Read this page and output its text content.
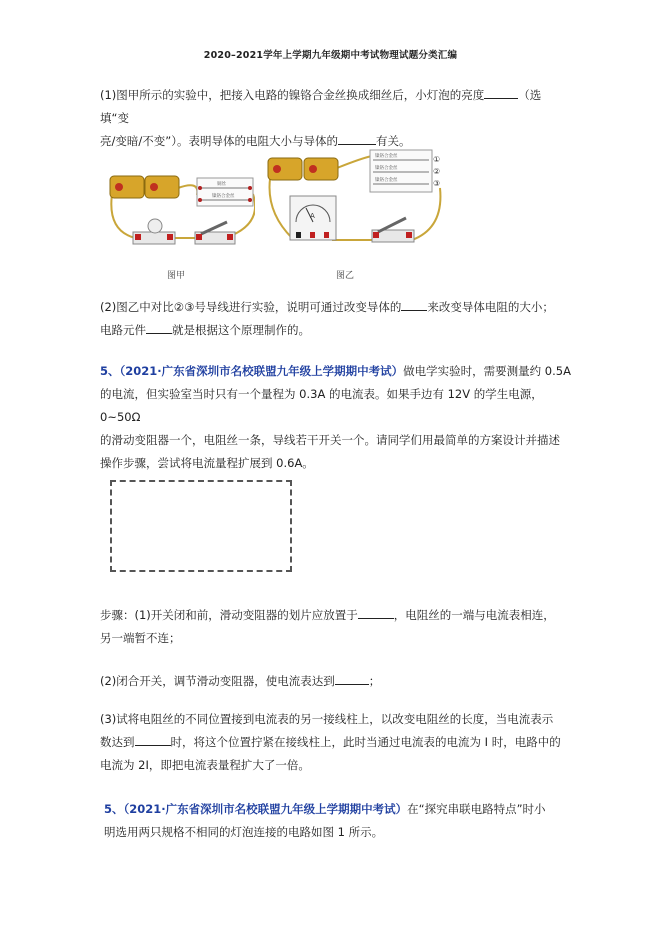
2020–2021学年上学期九年级期中考试物理试题分类汇编
(1)图甲所示的实验中，把接入电路的镍铬合金丝换成细丝后，小灯泡的亮度	（选填“变
亮/变暗/不变”）。表明导体的电阻大小与导体的	有关。
铜丝
镍铬合金丝
图甲
镍铬合金丝
镍铬合金丝
镍铬合金丝
①
②
③
A
图乙
(2)图乙中对比②③号导线进行实验，说明可通过改变导体的 来改变导体电阻的大小；
电路元件 就是根据这个原理制作的。
5、（2021·广东省深圳市名校联盟九年级上学期期中考试）做电学实验时，需要测量约 0.5A
的电流，但实验室当时只有一个量程为 0.3A 的电流表。如果手边有 12V 的学生电源，0~50Ω
的滑动变阻器一个，电阻丝一条，导线若干开关一个。请同学们用最简单的方案设计并描述
操作步骤，尝试将电流量程扩展到 0.6A。
步骤：(1)开关闭和前，滑动变阻器的划片应放置于	，电阻丝的一端与电流表相连，
另一端暂不连；
(2)闭合开关，调节滑动变阻器，使电流表达到	；
(3)试将电阻丝的不同位置接到电流表的另一接线柱上，以改变电阻丝的长度，当电流表示
数达到	时，将这个位置拧紧在接线柱上，此时当通过电流表的电流为 I 时，电路中的
电流为 2I，即把电流表量程扩大了一倍。
5、（2021·广东省深圳市名校联盟九年级上学期期中考试）在“探究串联电路特点”时小
明选用两只规格不相同的灯泡连接的电路如图 1 所示。
